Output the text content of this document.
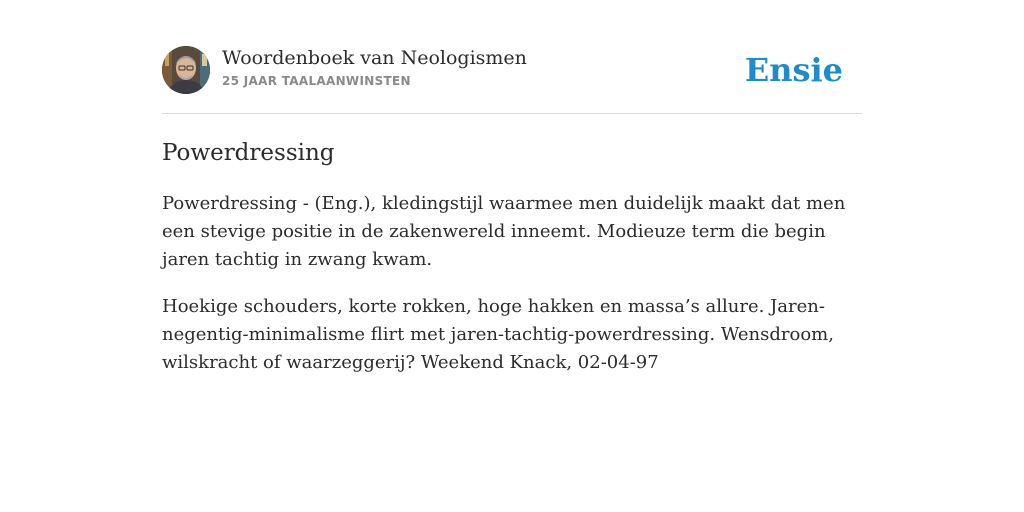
Woordenboek van Neologismen
25 JAAR TAALAANWINSTEN	Ensie
Powerdressing

Powerdressing - (Eng.), kledingstijl waarmee men duidelijk maakt dat men een stevige positie in de zakenwereld inneemt. Modieuze term die begin jaren tachtig in zwang kwam.

Hoekige schouders, korte rokken, hoge hakken en massa’s allure. Jaren-negentig-minimalisme flirt met jaren-tachtig-powerdressing. Wensdroom, wilskracht of waarzeggerij? Weekend Knack, 02-04-97
